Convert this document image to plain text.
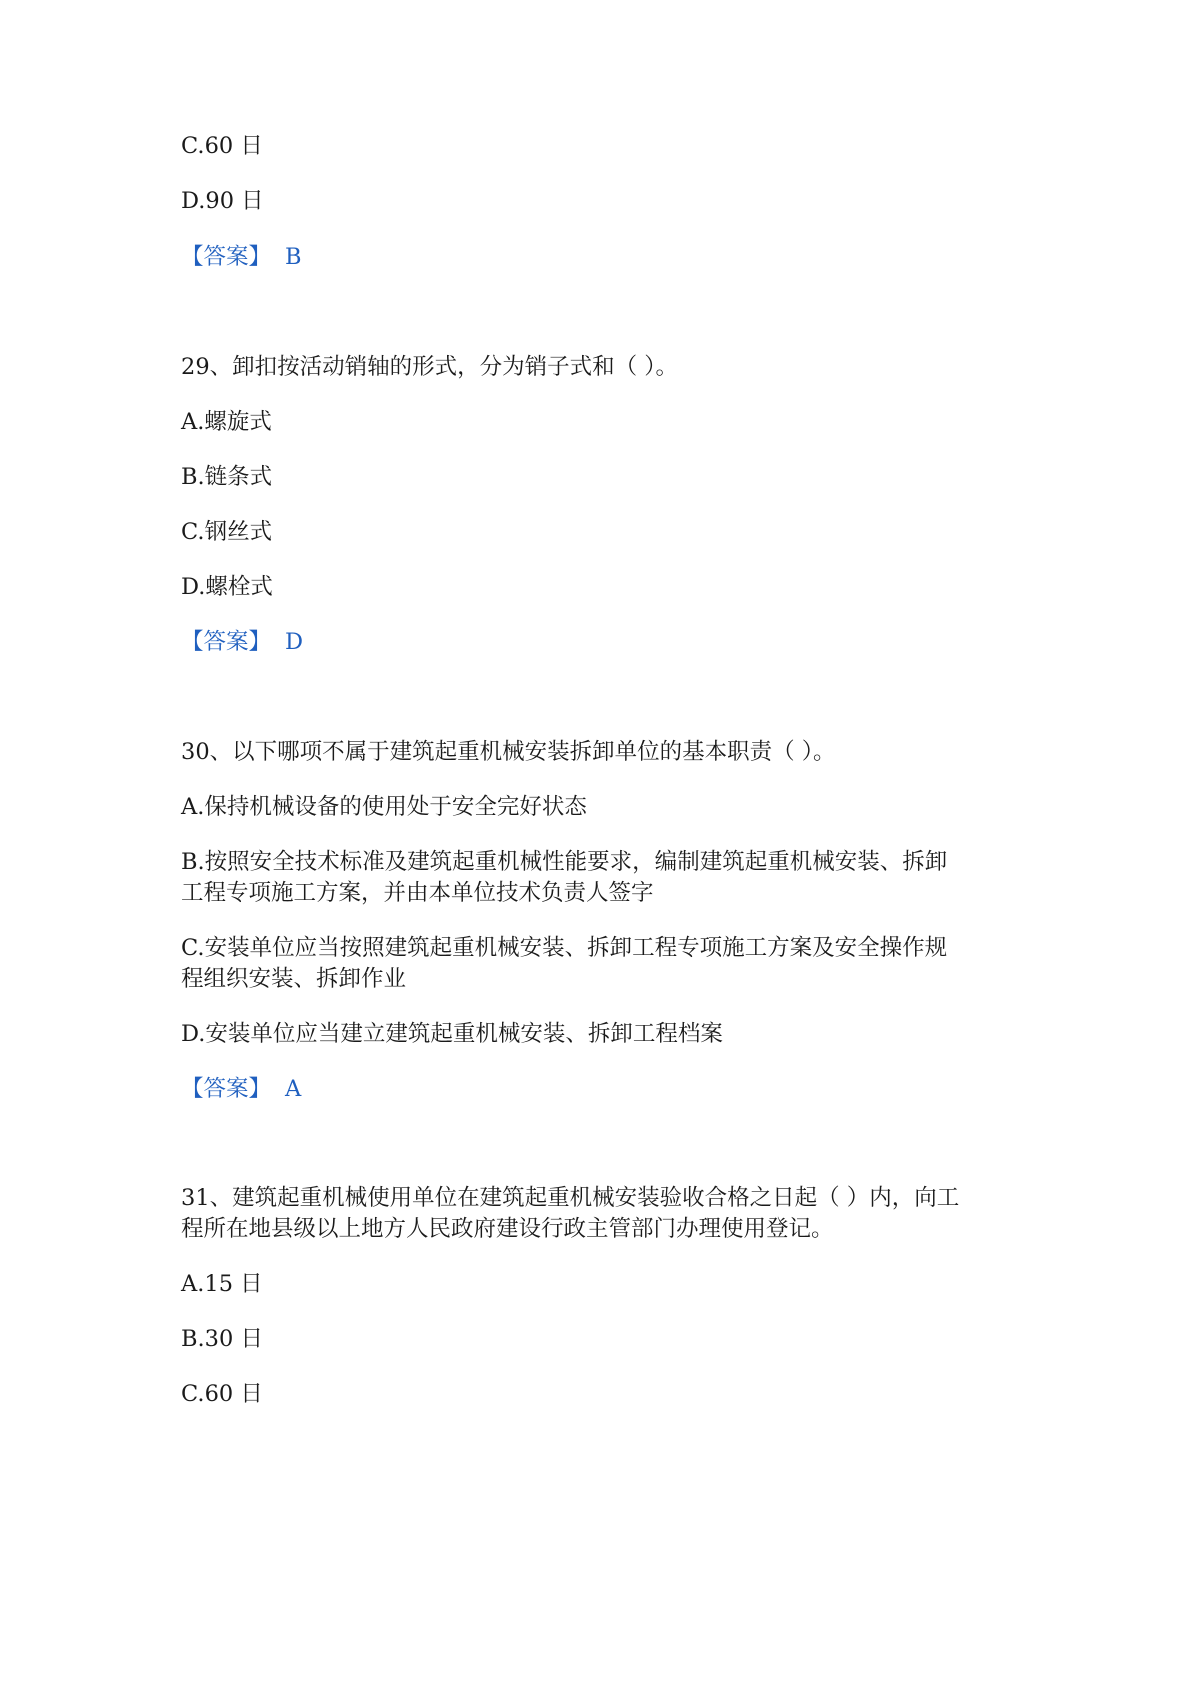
C.60 日
D.90 日
【答案】 B
29、卸扣按活动销轴的形式，分为销子式和（ ）。
A.螺旋式
B.链条式
C.钢丝式
D.螺栓式
【答案】 D
30、以下哪项不属于建筑起重机械安装拆卸单位的基本职责（ ）。
A.保持机械设备的使用处于安全完好状态
B.按照安全技术标准及建筑起重机械性能要求，编制建筑起重机械安装、拆卸
工程专项施工方案，并由本单位技术负责人签字
C.安装单位应当按照建筑起重机械安装、拆卸工程专项施工方案及安全操作规
程组织安装、拆卸作业
D.安装单位应当建立建筑起重机械安装、拆卸工程档案
【答案】 A
31、建筑起重机械使用单位在建筑起重机械安装验收合格之日起（ ）内，向工
程所在地县级以上地方人民政府建设行政主管部门办理使用登记。
A.15 日
B.30 日
C.60 日
